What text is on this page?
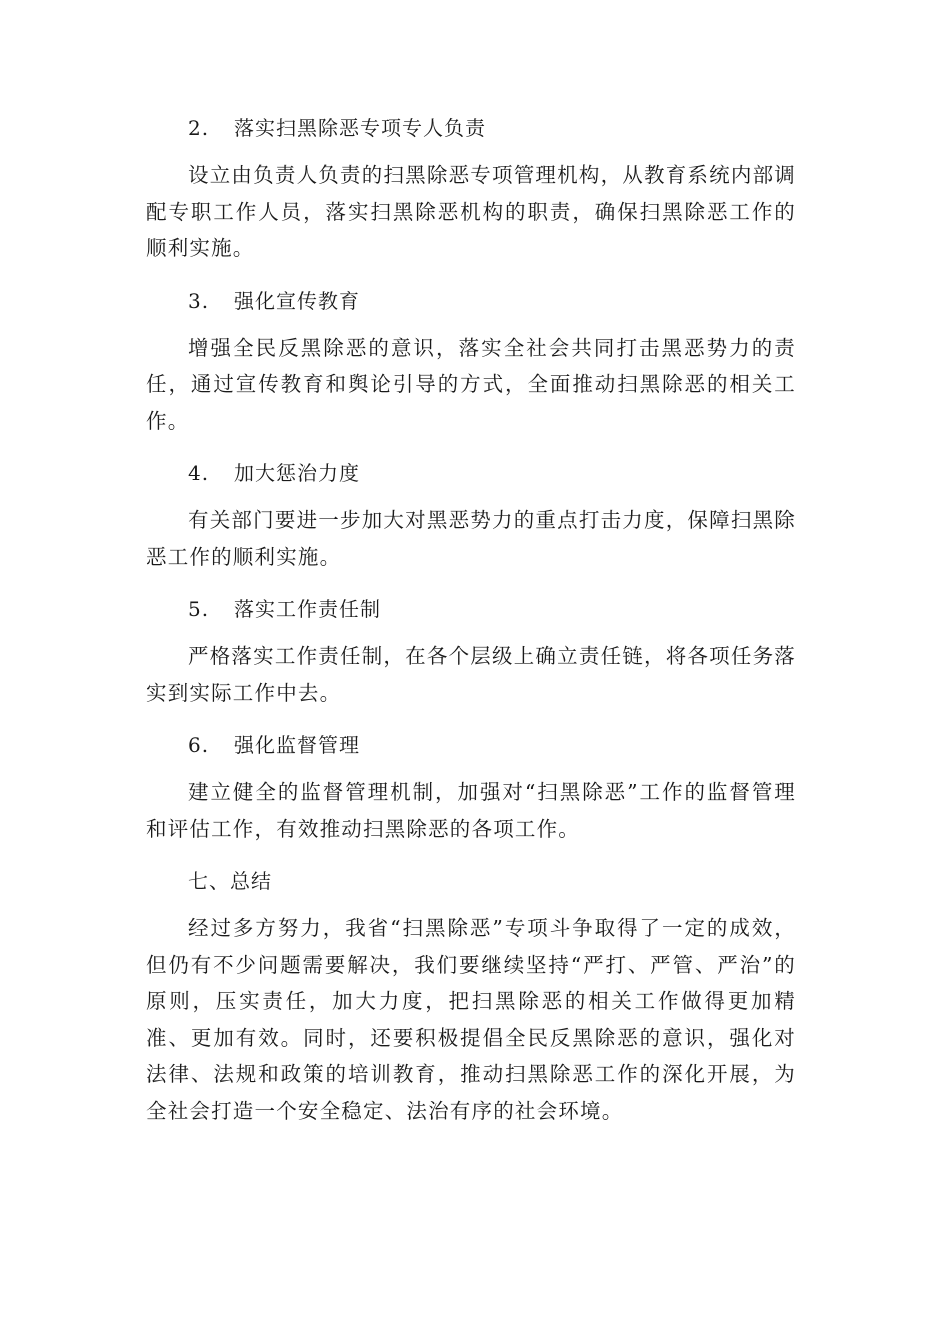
2. 落实扫黑除恶专项专人负责

设立由负责人负责的扫黑除恶专项管理机构，从教育系统内部调配专职工作人员，落实扫黑除恶机构的职责，确保扫黑除恶工作的顺利实施。

3. 强化宣传教育

增强全民反黑除恶的意识，落实全社会共同打击黑恶势力的责任，通过宣传教育和舆论引导的方式，全面推动扫黑除恶的相关工作。

4. 加大惩治力度

有关部门要进一步加大对黑恶势力的重点打击力度，保障扫黑除恶工作的顺利实施。

5. 落实工作责任制

严格落实工作责任制，在各个层级上确立责任链，将各项任务落实到实际工作中去。

6. 强化监督管理

建立健全的监督管理机制，加强对“扫黑除恶”工作的监督管理和评估工作，有效推动扫黑除恶的各项工作。

七、总结

经过多方努力，我省“扫黑除恶”专项斗争取得了一定的成效，但仍有不少问题需要解决，我们要继续坚持“严打、严管、严治”的原则，压实责任，加大力度，把扫黑除恶的相关工作做得更加精准、更加有效。同时，还要积极提倡全民反黑除恶的意识，强化对法律、法规和政策的培训教育，推动扫黑除恶工作的深化开展，为全社会打造一个安全稳定、法治有序的社会环境。
